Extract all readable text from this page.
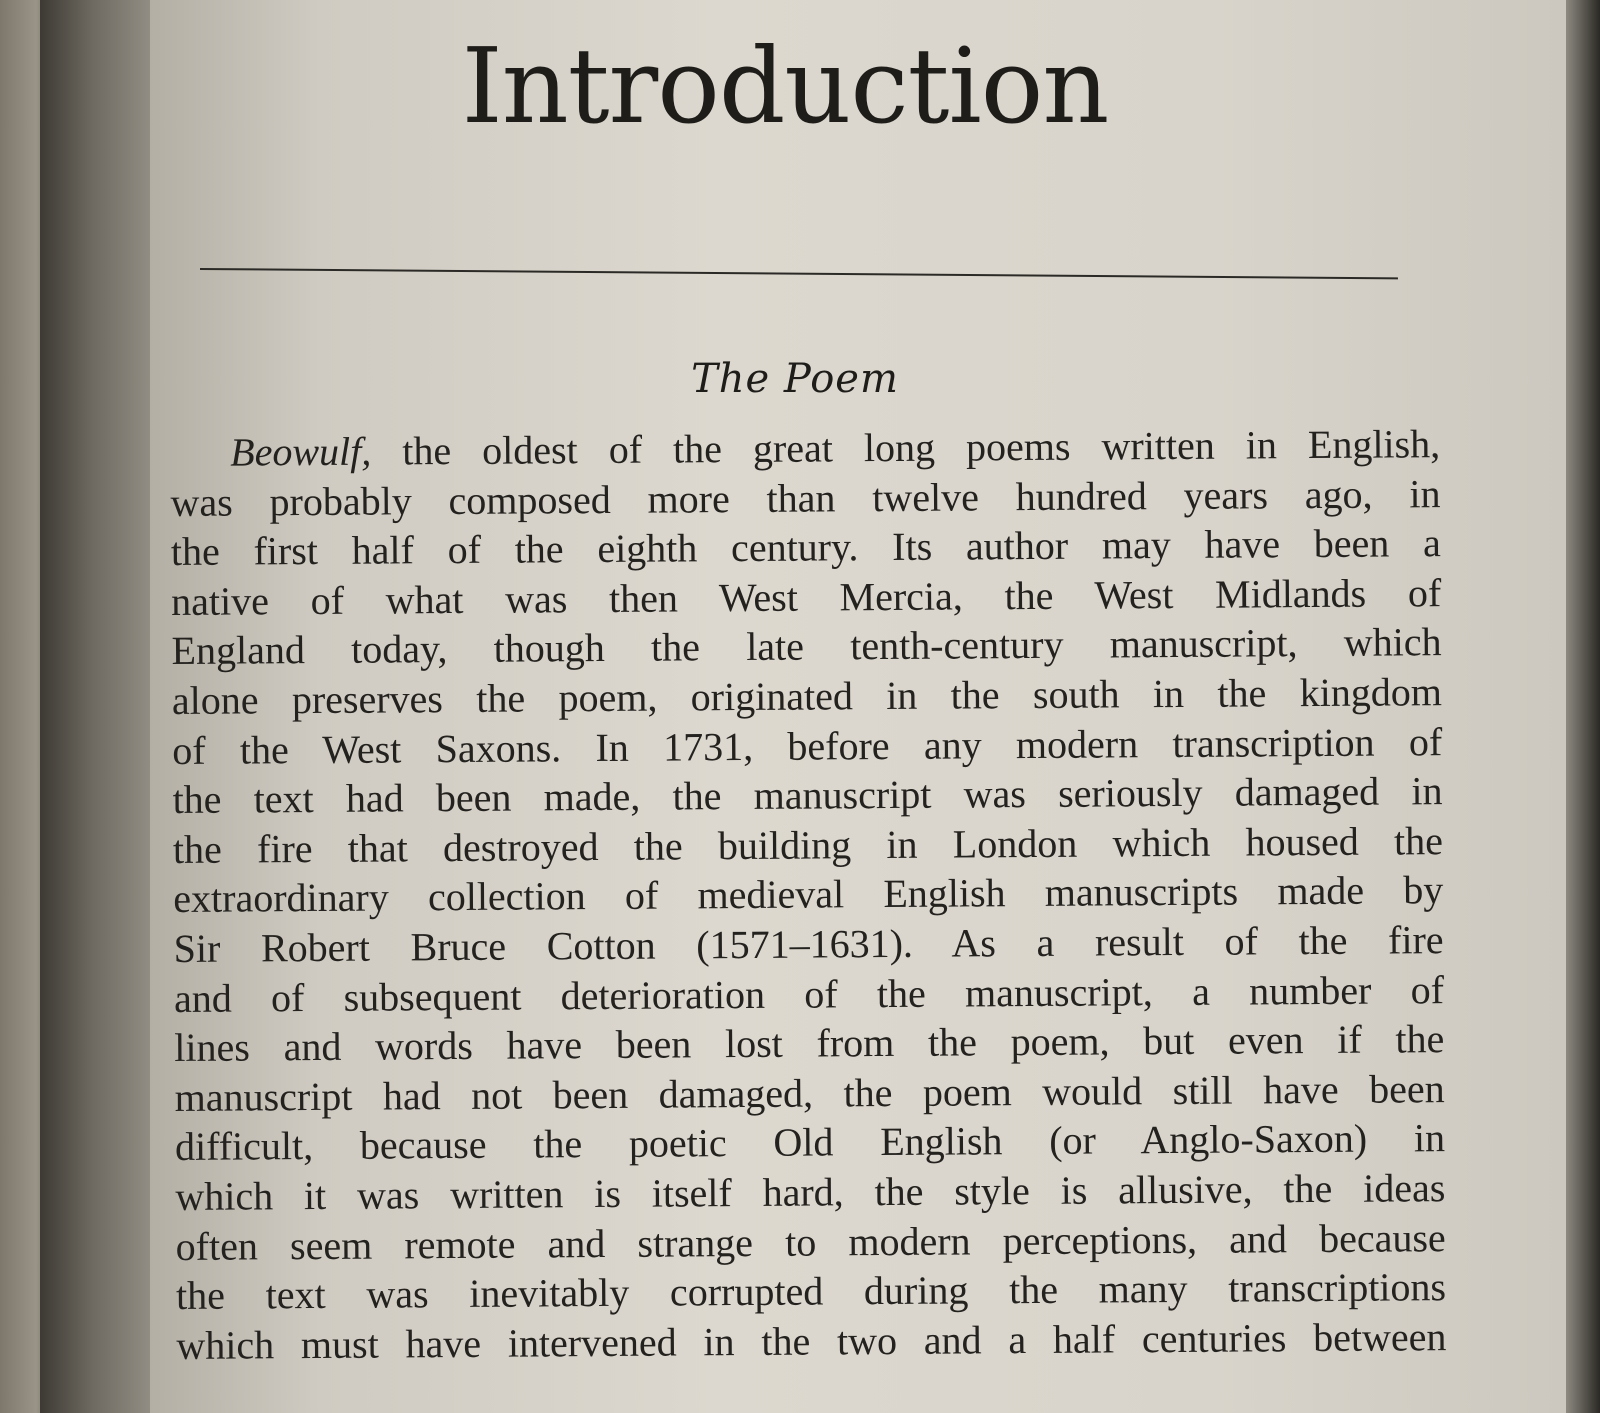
Introduction
The Poem
Beowulf, the oldest of the great long poems written in English,
was probably composed more than twelve hundred years ago, in
the first half of the eighth century. Its author may have been a
native of what was then West Mercia, the West Midlands of
England today, though the late tenth-century manuscript, which
alone preserves the poem, originated in the south in the kingdom
of the West Saxons. In 1731, before any modern transcription of
the text had been made, the manuscript was seriously damaged in
the fire that destroyed the building in London which housed the
extraordinary collection of medieval English manuscripts made by
Sir Robert Bruce Cotton (1571–1631). As a result of the fire
and of subsequent deterioration of the manuscript, a number of
lines and words have been lost from the poem, but even if the
manuscript had not been damaged, the poem would still have been
difficult, because the poetic Old English (or Anglo-Saxon) in
which it was written is itself hard, the style is allusive, the ideas
often seem remote and strange to modern perceptions, and because
the text was inevitably corrupted during the many transcriptions
which must have intervened in the two and a half centuries between
